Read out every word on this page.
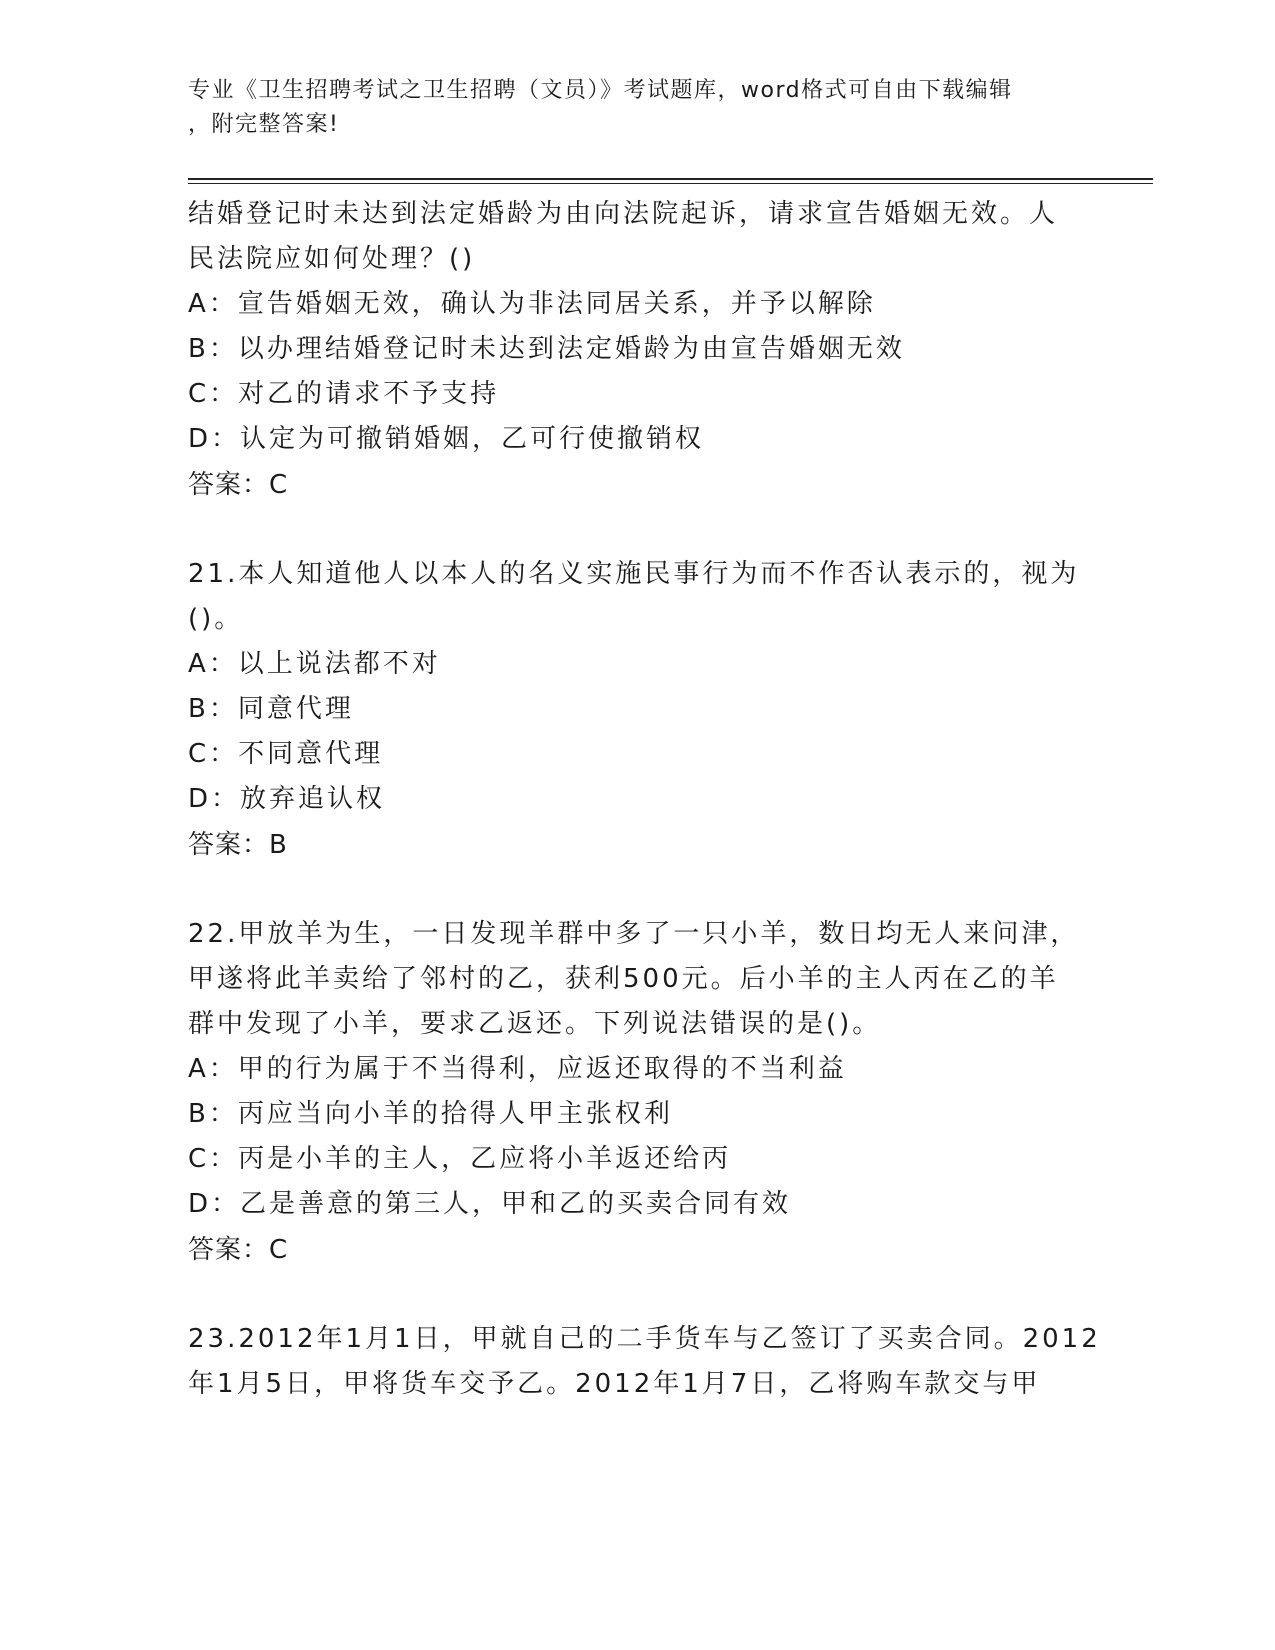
专业《卫生招聘考试之卫生招聘（文员）》考试题库，word格式可自由下载编辑
，附完整答案!
结婚登记时未达到法定婚龄为由向法院起诉，请求宣告婚姻无效。人
民法院应如何处理？()
A：宣告婚姻无效，确认为非法同居关系，并予以解除
B：以办理结婚登记时未达到法定婚龄为由宣告婚姻无效
C：对乙的请求不予支持
D：认定为可撤销婚姻，乙可行使撤销权
答案：C
21.本人知道他人以本人的名义实施民事行为而不作否认表示的，视为
()。
A：以上说法都不对
B：同意代理
C：不同意代理
D：放弃追认权
答案：B
22.甲放羊为生，一日发现羊群中多了一只小羊，数日均无人来问津，
甲遂将此羊卖给了邻村的乙，获利500元。后小羊的主人丙在乙的羊
群中发现了小羊，要求乙返还。下列说法错误的是()。
A：甲的行为属于不当得利，应返还取得的不当利益
B：丙应当向小羊的拾得人甲主张权利
C：丙是小羊的主人，乙应将小羊返还给丙
D：乙是善意的第三人，甲和乙的买卖合同有效
答案：C
23.2012年1月1日，甲就自己的二手货车与乙签订了买卖合同。2012
年1月5日，甲将货车交予乙。2012年1月7日，乙将购车款交与甲
